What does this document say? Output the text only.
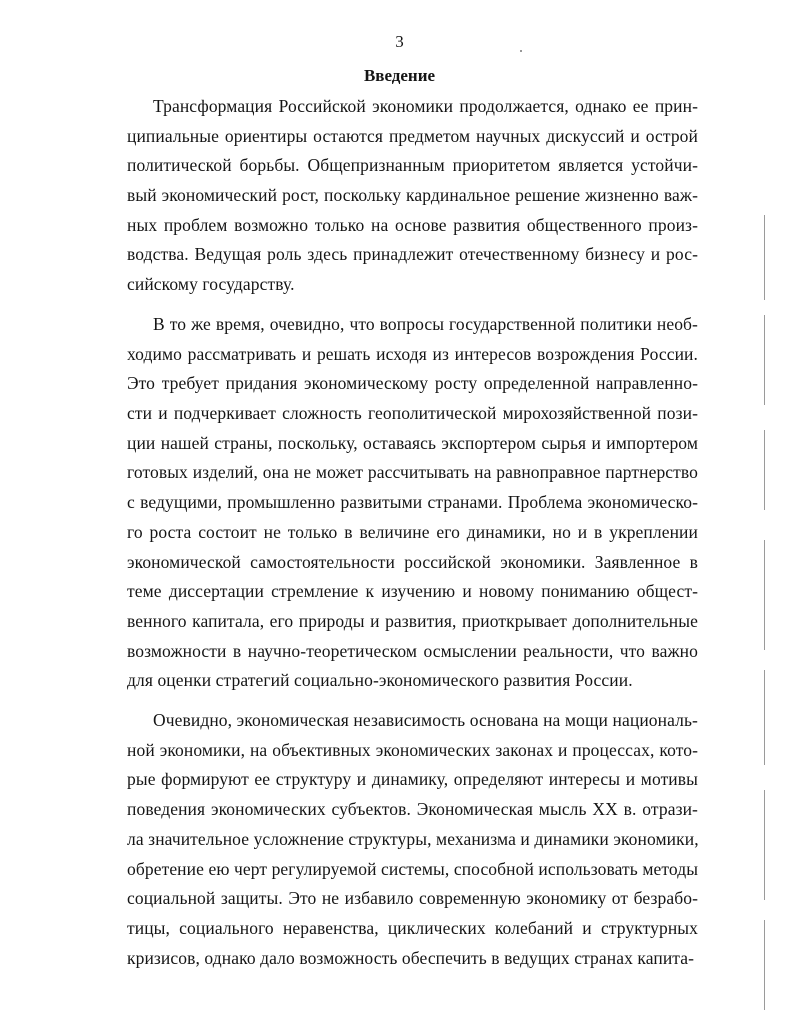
3
Введение
Трансформация Российской экономики продолжается, однако ее прин-
ципиальные ориентиры остаются предметом научных дискуссий и острой
политической борьбы. Общепризнанным приоритетом является устойчи-
вый экономический рост, поскольку кардинальное решение жизненно важ-
ных проблем возможно только на основе развития общественного произ-
водства. Ведущая роль здесь принадлежит отечественному бизнесу и рос-
сийскому государству.
В то же время, очевидно, что вопросы государственной политики необ-
ходимо рассматривать и решать исходя из интересов возрождения России.
Это требует придания экономическому росту определенной направленно-
сти и подчеркивает сложность геополитической мирохозяйственной пози-
ции нашей страны, поскольку, оставаясь экспортером сырья и импортером
готовых изделий, она не может рассчитывать на равноправное партнерство
с ведущими, промышленно развитыми странами. Проблема экономическо-
го роста состоит не только в величине его динамики, но и в укреплении
экономической самостоятельности российской экономики. Заявленное в
теме диссертации стремление к изучению и новому пониманию общест-
венного капитала, его природы и развития, приоткрывает дополнительные
возможности в научно-теоретическом осмыслении реальности, что важно
для оценки стратегий социально-экономического развития России.
Очевидно, экономическая независимость основана на мощи националь-
ной экономики, на объективных экономических законах и процессах, кото-
рые формируют ее структуру и динамику, определяют интересы и мотивы
поведения экономических субъектов. Экономическая мысль XX в. отрази-
ла значительное усложнение структуры, механизма и динамики экономики,
обретение ею черт регулируемой системы, способной использовать методы
социальной защиты. Это не избавило современную экономику от безрабо-
тицы, социального неравенства, циклических колебаний и структурных
кризисов, однако дало возможность обеспечить в ведущих странах капита-
